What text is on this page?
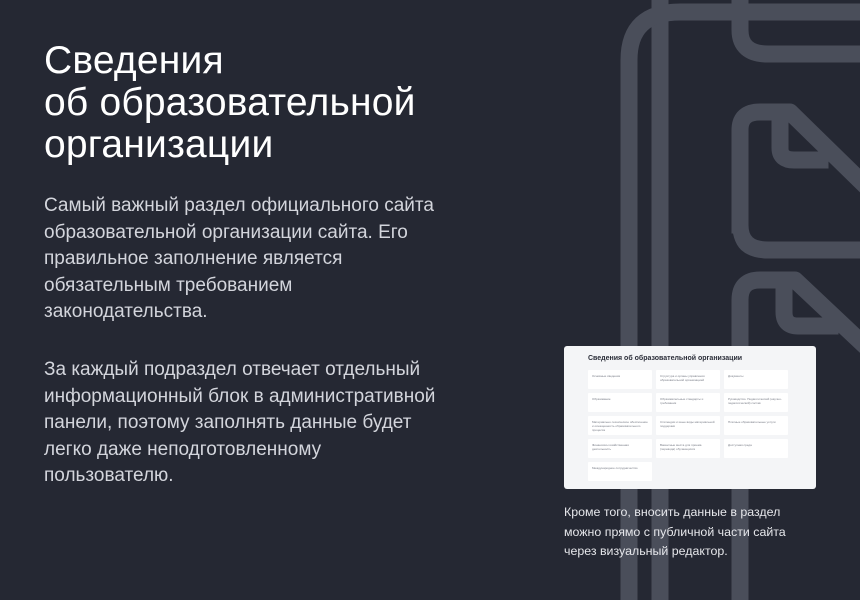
Сведения
об образовательной
организации

Самый важный раздел официального сайта
образовательной организации сайта. Его
правильное заполнение является
обязательным требованием
законодательства.

За каждый подраздел отвечает отдельный
информационный блок в административной
панели, поэтому заполнять данные будет
легко даже неподготовленному
пользователю.

Сведения об образовательной организации
Основные сведения	Структура и органы управления образовательной организацией
Документы
Образование	Образовательные стандарты и требования
Руководство. Педагогический (научно-педагогический) состав
Материально-техническое обеспечение и оснащенность образовательного процесса
Стипендии и иные виды материальной поддержки
Платные образовательные услуги
Финансово-хозяйственная деятельность
Вакантные места для приема (перевода) обучающихся
Доступная среда
Международное сотрудничество

Кроме того, вносить данные в раздел
можно прямо с публичной части сайта
через визуальный редактор.
